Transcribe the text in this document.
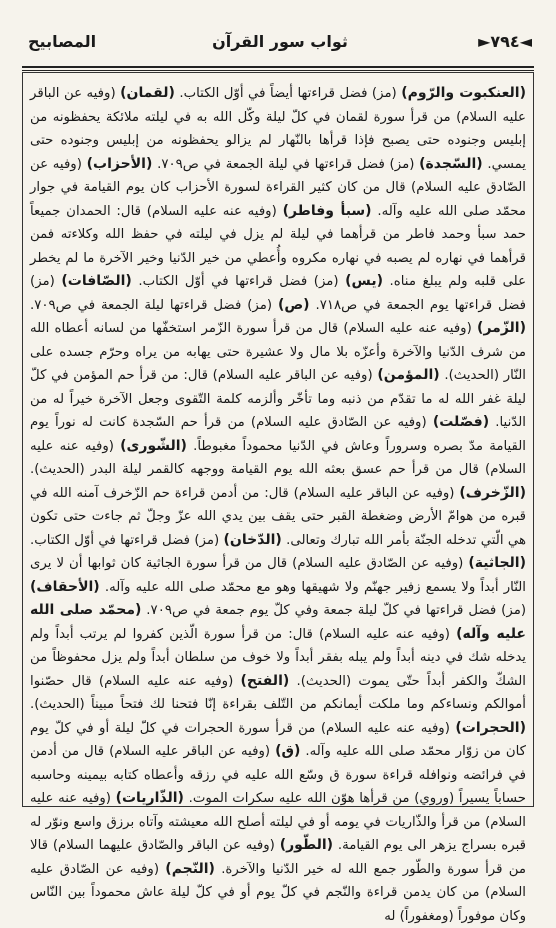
◄٧٩٤►
ثواب سور القرآن
المصابيح

(العنكبوت والرّوم) (مز) فضل قراءتها أيضاً في أوّل الكتاب. (لقمان) (وفيه عن الباقر عليه السلام) من قرأ سورة لقمان في كلّ ليلة وكّل الله به في ليلته ملائكة يحفظونه من إبليس وجنوده حتى يصبح فإذا قرأها بالنّهار لم يزالو يحفظونه من إبليس وجنوده حتى يمسي. (السّجدة) (مز) فضل قراءتها في ليلة الجمعة في ص٧٠٩. (الأحزاب) (وفيه عن الصّادق عليه السلام) قال من كان كثير القراءة لسورة الأحزاب كان يوم القيامة في جوار محمّد صلى الله عليه وآله. (سبأ وفاطر) (وفيه عنه عليه السلام) قال: الحمدان جميعاً حمد سبأ وحمد فاطر من قرأهما في ليلة لم يزل في ليلته في حفظ الله وكلاءته فمن قرأهما في نهاره لم يصبه في نهاره مكروه وأُعطي من خير الدّنيا وخير الآخرة ما لم يخطر على قلبه ولم يبلغ مناه. (يس) (مز) فضل قراءتها في أوّل الكتاب. (الصّافات) (مز) فضل قراءتها يوم الجمعة في ص٧١٨. (ص) (مز) فضل قراءتها ليلة الجمعة في ص٧٠٩. (الزّمر) (وفيه عنه عليه السلام) قال من قرأ سورة الزّمر استخفّها من لسانه أعطاه الله من شرف الدّنيا والآخرة وأعزّه بلا مال ولا عشيرة حتى يهابه من يراه وحرّم جسده على النّار (الحديث). (المؤمن) (وفيه عن الباقر عليه السلام) قال: من قرأ حم المؤمن في كلّ ليلة غفر الله له ما تقدّم من ذنبه وما تأخّر وألزمه كلمة التّقوى وجعل الآخرة خيراً له من الدّنيا. (فصّلت) (وفيه عن الصّادق عليه السلام) من قرأ حم السّجدة كانت له نوراً يوم القيامة مدّ بصره وسروراً وعاش في الدّنيا محموداً مغبوطاً. (الشّورى) (وفيه عنه عليه السلام) قال من قرأ حم عسق بعثه الله يوم القيامة ووجهه كالقمر ليلة البدر (الحديث). (الزّخرف) (وفيه عن الباقر عليه السلام) قال: من أدمن قراءة حم الزّخرف آمنه الله في قبره من هوامّ الأرض وضغطة القبر حتى يقف بين يدي الله عزّ وجلّ ثم جاءت حتى تكون هي الّتي تدخله الجنّة بأمر الله تبارك وتعالى. (الدّخان) (مز) فضل قراءتها في أوّل الكتاب. (الجاثية) (وفيه عن الصّادق عليه السلام) قال من قرأ سورة الجاثية كان ثوابها أن لا يرى النّار أبداً ولا يسمع زفير جهنّم ولا شهيقها وهو مع محمّد صلى الله عليه وآله. (الأحقاف) (مز) فضل قراءتها في كلّ ليلة جمعة وفي كلّ يوم جمعة في ص٧٠٩. (محمّد صلى الله عليه وآله) (وفيه عنه عليه السلام) قال: من قرأ سورة الّذين كفروا لم يرتب أبداً ولم يدخله شك في دينه أبداً ولم يبله بفقر أبداً ولا خوف من سلطان أبداً ولم يزل محفوظاً من الشكّ والكفر أبداً حتّى يموت (الحديث). (الفتح) (وفيه عنه عليه السلام) قال حصّنوا أموالكم ونساءكم وما ملكت أيمانكم من التّلف بقراءة إنّا فتحنا لك فتحاً مبيناً (الحديث). (الحجرات) (وفيه عنه عليه السلام) من قرأ سورة الحجرات في كلّ ليلة أو في كلّ يوم كان من زوّار محمّد صلى الله عليه وآله. (ق) (وفيه عن الباقر عليه السلام) قال من أدمن في فرائضه ونوافله قراءة سورة ق وسّع الله عليه في رزقه وأعطاه كتابه بيمينه وحاسبه حساباً يسيراً (وروي) من قرأها هوّن الله عليه سكرات الموت. (الذّاريات) (وفيه عنه عليه السلام) من قرأ والذّاريات في يومه أو في ليلته أصلح الله معيشته وآتاه برزق واسع ونوّر له قبره بسراج يزهر الى يوم القيامة. (الطّور) (وفيه عن الباقر والصّادق عليهما السلام) قالا من قرأ سورة والطّور جمع الله له خير الدّنيا والآخرة. (النّجم) (وفيه عن الصّادق عليه السلام) من كان يدمن قراءة والنّجم في كلّ يوم أو في كلّ ليلة عاش محموداً بين النّاس وكان موفوراً (ومغفوراً) له
